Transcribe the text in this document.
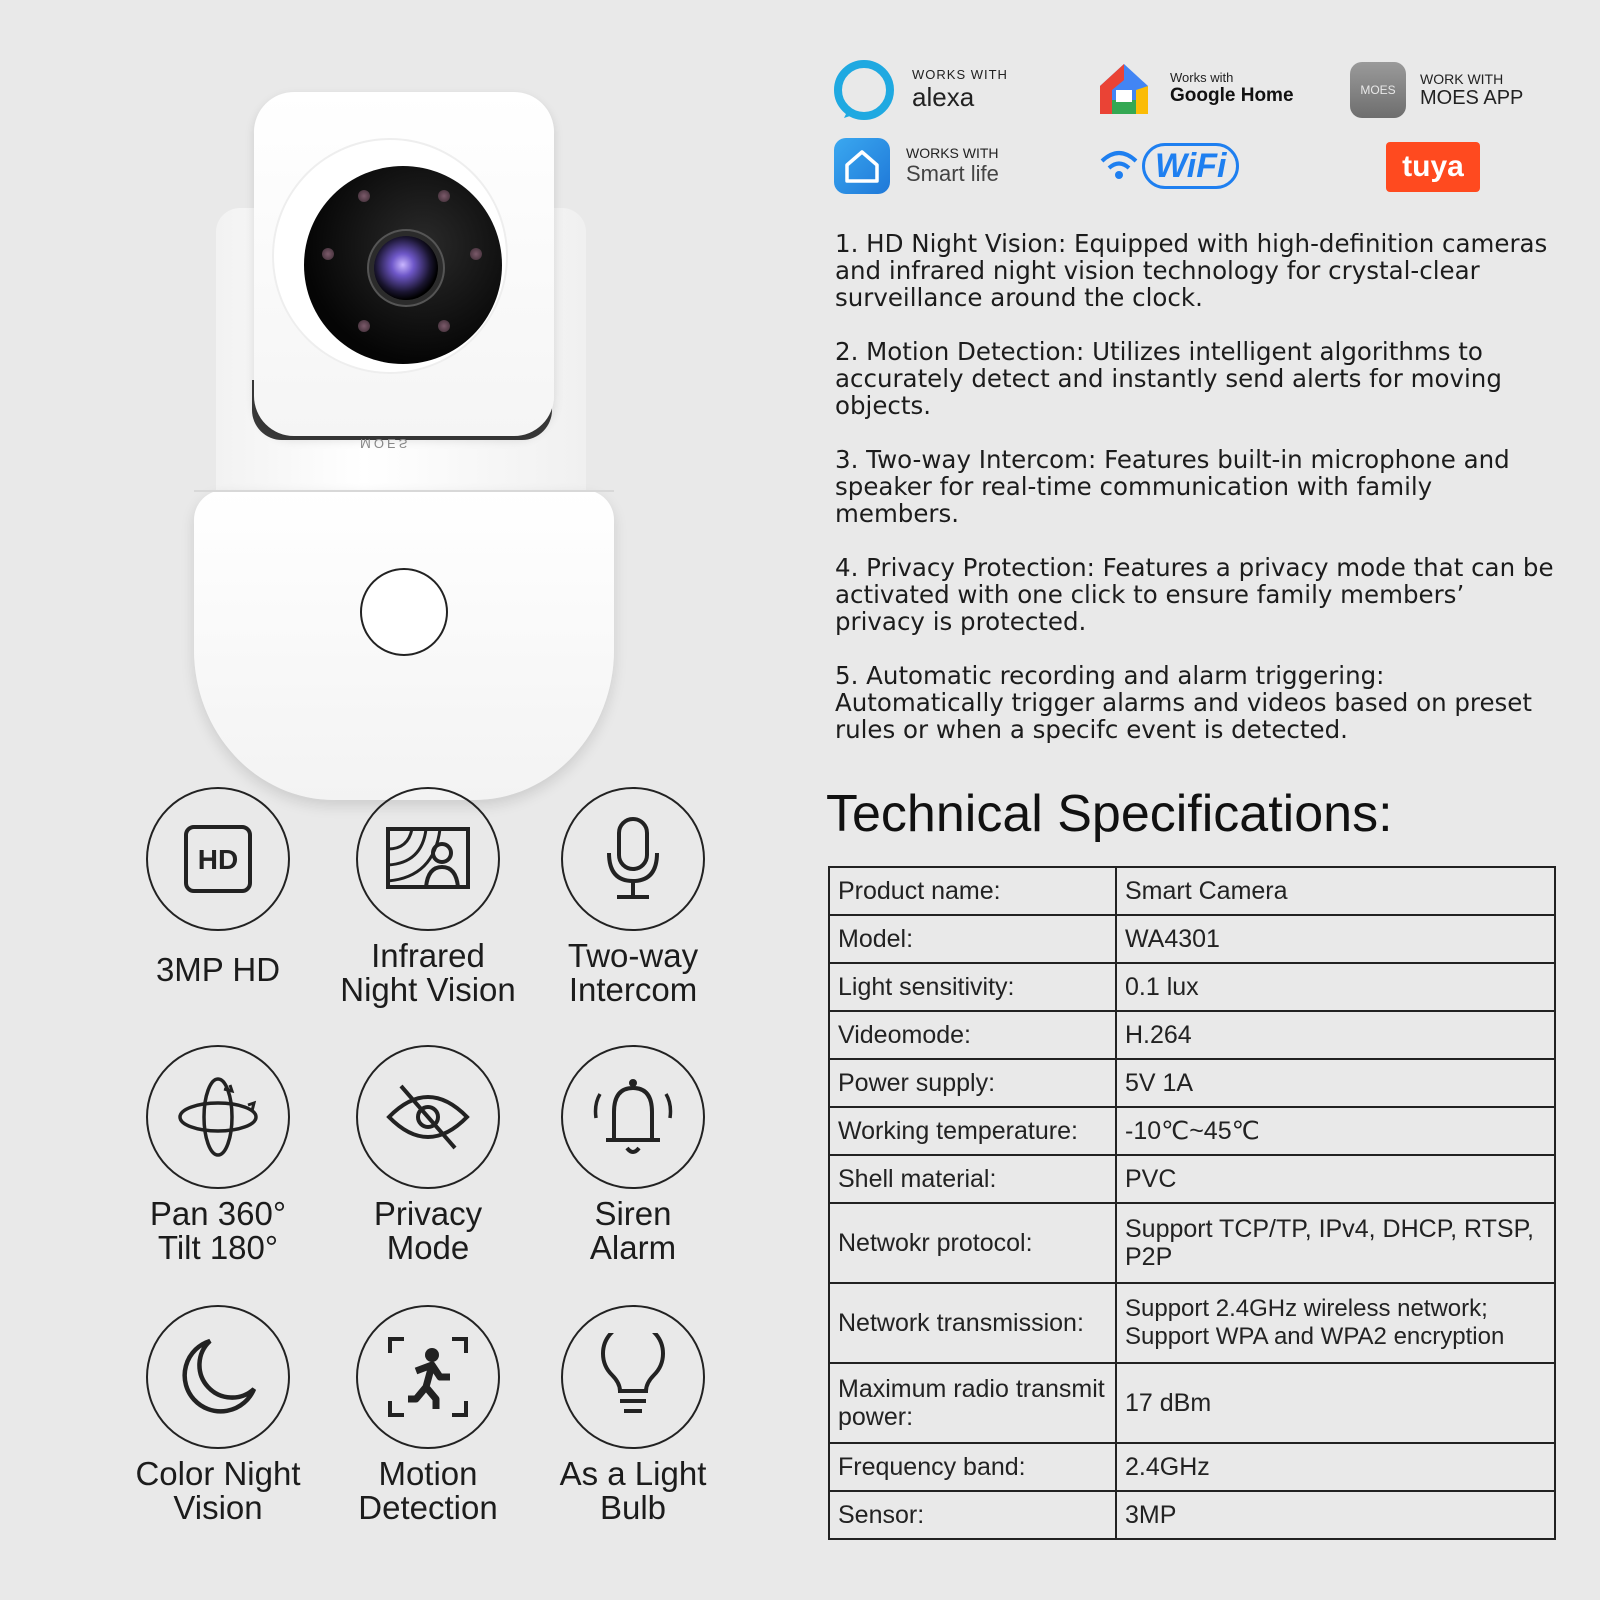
MOES
HD
3MP HD	Infrared
Night Vision
Two-way
Intercom
Pan 360°
Tilt 180°
Privacy
Mode
Siren
Alarm
Color Night
Vision
Motion
Detection
As a Light
Bulb
WORKS WITH
alexa
Works with
Google Home	MOES
WORK WITH
MOES APP
WORKS WITH
Smart life	WiFi	tuya

1. HD Night Vision: Equipped with high-definition cameras and infrared night vision technology for crystal-clear surveillance around the clock.

2. Motion Detection: Utilizes intelligent algorithms to accurately detect and instantly send alerts for moving objects.

3. Two-way Intercom: Features built-in microphone and speaker for real-time communication with family members.

4. Privacy Protection: Features a privacy mode that can be activated with one click to ensure family members’ privacy is protected.

5. Automatic recording and alarm triggering: Automatically trigger alarms and videos based on preset rules or when a specifc event is detected.

Technical Specifications:
Product name:	Smart Camera
Model:	WA4301
Light sensitivity:	0.1 lux
Videomode:	H.264
Power supply:	5V 1A
Working temperature:	-10℃~45℃
Shell material:	PVC
Netwokr protocol:	Support TCP/TP, IPv4, DHCP, RTSP, P2P
Network transmission:	Support 2.4GHz wireless network; Support WPA and WPA2 encryption
Maximum radio transmit power:	17 dBm
Frequency band:	2.4GHz
Sensor:	3MP
